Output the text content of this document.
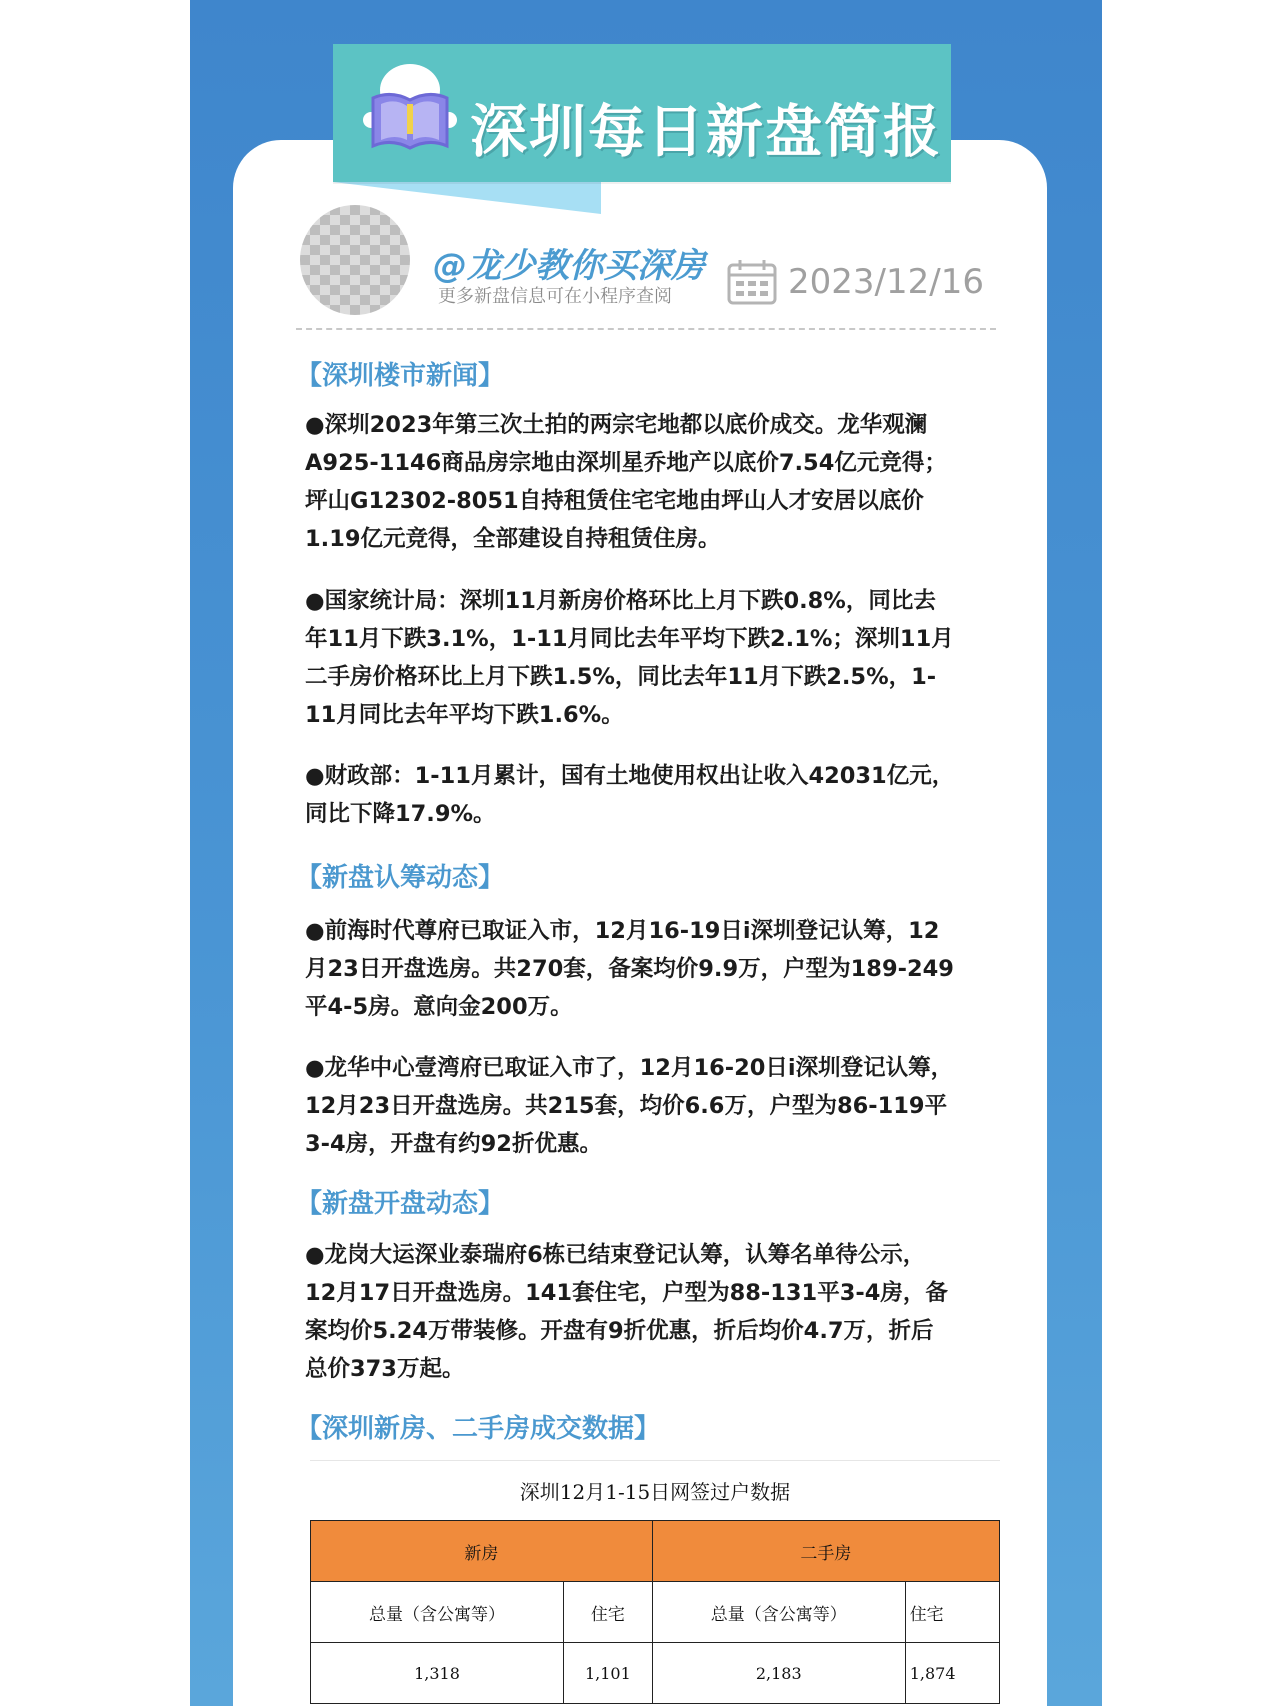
深圳每日新盘简报
@龙少教你买深房
更多新盘信息可在小程序查阅	2023/12/16
【深圳楼市新闻】

●深圳2023年第三次土拍的两宗宅地都以底价成交。龙华观澜

A925-1146商品房宗地由深圳星乔地产以底价7.54亿元竞得；

坪山G12302-8051自持租赁住宅宅地由坪山人才安居以底价

1.19亿元竞得，全部建设自持租赁住房。

●国家统计局：深圳11月新房价格环比上月下跌0.8%，同比去

年11月下跌3.1%，1-11月同比去年平均下跌2.1%；深圳11月

二手房价格环比上月下跌1.5%，同比去年11月下跌2.5%，1-

11月同比去年平均下跌1.6%。

●财政部：1-11月累计，国有土地使用权出让收入42031亿元，

同比下降17.9%。

【新盘认筹动态】

●前海时代尊府已取证入市，12月16-19日i深圳登记认筹，12

月23日开盘选房。共270套，备案均价9.9万，户型为189-249

平4-5房。意向金200万。

●龙华中心壹湾府已取证入市了，12月16-20日i深圳登记认筹，

12月23日开盘选房。共215套，均价6.6万，户型为86-119平

3-4房，开盘有约92折优惠。

【新盘开盘动态】

●龙岗大运深业泰瑞府6栋已结束登记认筹，认筹名单待公示，

12月17日开盘选房。141套住宅，户型为88-131平3-4房，备

案均价5.24万带装修。开盘有9折优惠，折后均价4.7万，折后

总价373万起。

【深圳新房、二手房成交数据】
深圳12月1-15日网签过户数据
新房		二手房	
总量（含公寓等）	住宅	总量（含公寓等）	住宅
1,318	1,101	2,183	1,874
